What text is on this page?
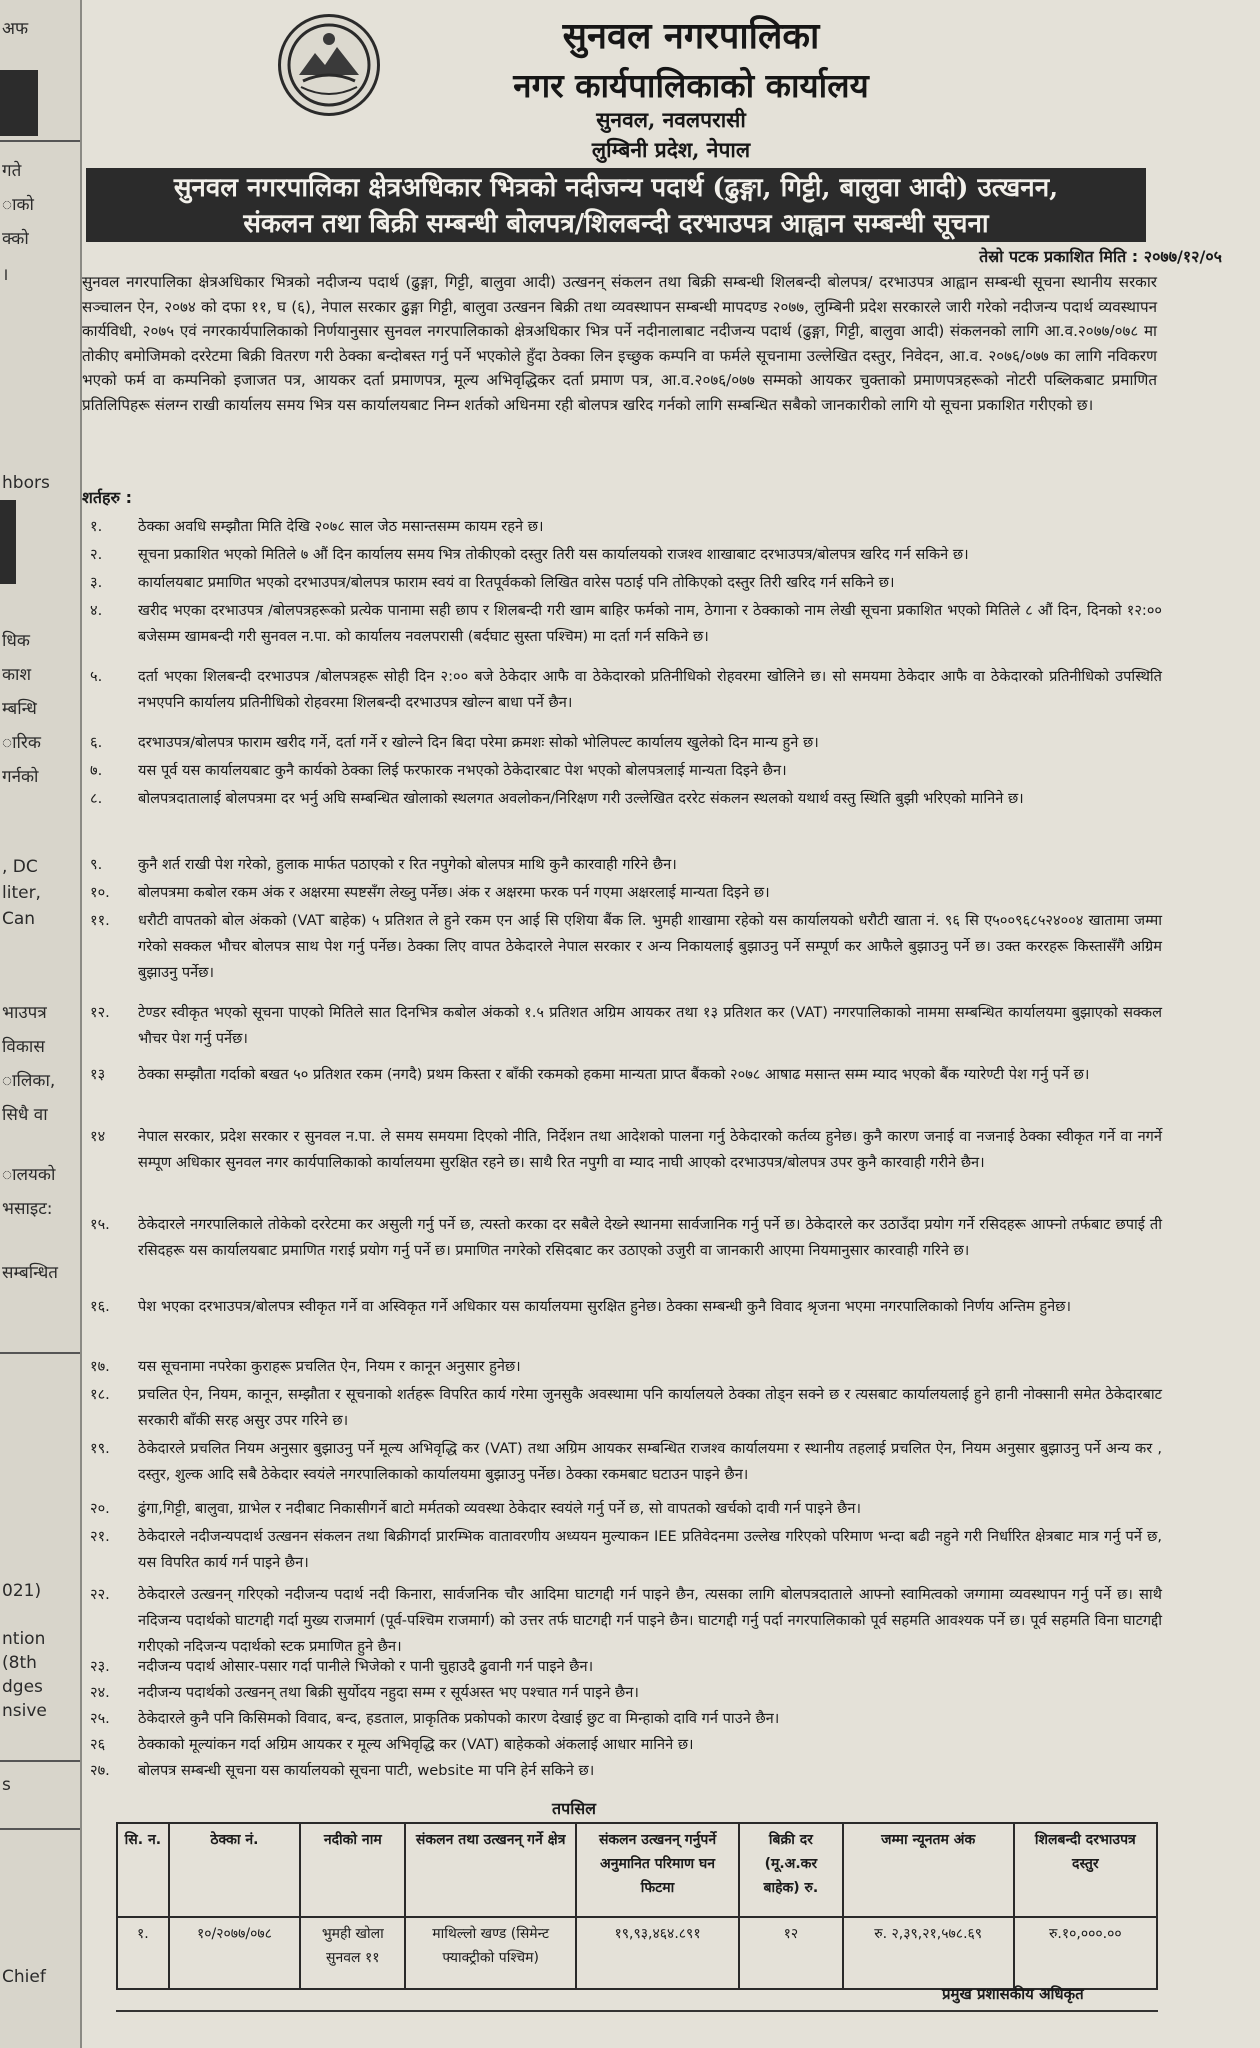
अफ
गते
ाको
क्को
।
hbors
धिक
काश
म्बन्धि
ारिक
गर्नको
, DC
liter,
Can
भाउपत्र
विकास
ालिका,
सिधै वा
ालयको
भसाइट:
सम्बन्धित
021)
ntion
(8th
dges
nsive
s
Chief
सुनवल नगरपालिका
नगर कार्यपालिकाको कार्यालय
सुनवल, नवलपरासी
लुम्बिनी प्रदेश, नेपाल
सुनवल नगरपालिका क्षेत्रअधिकार भित्रको नदीजन्य पदार्थ (ढुङ्गा, गिट्टी, बालुवा आदी) उत्खनन,
संकलन तथा बिक्री सम्बन्धी बोलपत्र/शिलबन्दी दरभाउपत्र आह्वान सम्बन्धी सूचना
तेस्रो पटक प्रकाशित मिति : २०७७/१२/०५
सुनवल नगरपालिका क्षेत्रअधिकार भित्रको नदीजन्य पदार्थ (ढुङ्गा, गिट्टी, बालुवा आदी) उत्खनन् संकलन तथा बिक्री सम्बन्धी शिलबन्दी बोलपत्र/ दरभाउपत्र आह्वान सम्बन्धी सूचना स्थानीय सरकार सञ्चालन ऐन, २०७४ को दफा ११, घ (६), नेपाल सरकार ढुङ्गा गिट्टी, बालुवा उत्खनन बिक्री तथा व्यवस्थापन सम्बन्धी मापदण्ड २०७७, लुम्बिनी प्रदेश सरकारले जारी गरेको नदीजन्य पदार्थ व्यवस्थापन कार्यविधी, २०७५ एवं नगरकार्यपालिकाको निर्णयानुसार सुनवल नगरपालिकाको क्षेत्रअधिकार भित्र पर्ने नदीनालाबाट नदीजन्य पदार्थ (ढुङ्गा, गिट्टी, बालुवा आदी) संकलनको लागि आ.व.२०७७/०७८ मा तोकीए बमोजिमको दररेटमा बिक्री वितरण गरी ठेक्का बन्दोबस्त गर्नु पर्ने भएकोले हुँदा ठेक्का लिन इच्छुक कम्पनि वा फर्मले सूचनामा उल्लेखित दस्तुर, निवेदन, आ.व. २०७६/०७७ का लागि नविकरण भएको फर्म वा कम्पनिको इजाजत पत्र, आयकर दर्ता प्रमाणपत्र, मूल्य अभिवृद्धिकर दर्ता प्रमाण पत्र, आ.व.२०७६/०७७ सम्मको आयकर चुक्ताको प्रमाणपत्रहरूको नोटरी पब्लिकबाट प्रमाणित प्रतिलिपिहरू संलग्न राखी कार्यालय समय भित्र यस कार्यालयबाट निम्न शर्तको अधिनमा रही बोलपत्र खरिद गर्नको लागि सम्बन्धित सबैको जानकारीको लागि यो सूचना प्रकाशित गरीएको छ।
शर्तहरु :
१.	ठेक्का अवधि सम्झौता मिति देखि २०७८ साल जेठ मसान्तसम्म कायम रहने छ।
२.	सूचना प्रकाशित भएको मितिले ७ औं दिन कार्यालय समय भित्र तोकीएको दस्तुर तिरी यस कार्यालयको राजश्व शाखाबाट दरभाउपत्र/बोलपत्र खरिद गर्न सकिने छ।
३.	कार्यालयबाट प्रमाणित भएको दरभाउपत्र/बोलपत्र फाराम स्वयं वा रितपूर्वकको लिखित वारेस पठाई पनि तोकिएको दस्तुर तिरी खरिद गर्न सकिने छ।
४.	खरीद भएका दरभाउपत्र /बोलपत्रहरूको प्रत्येक पानामा सही छाप र शिलबन्दी गरी खाम बाहिर फर्मको नाम, ठेगाना र ठेक्काको नाम लेखी सूचना प्रकाशित भएको मितिले ८ औं दिन, दिनको १२:०० बजेसम्म खामबन्दी गरी सुनवल न.पा. को कार्यालय नवलपरासी (बर्दघाट सुस्ता पश्चिम) मा दर्ता गर्न सकिने छ।
५.	दर्ता भएका शिलबन्दी दरभाउपत्र /बोलपत्रहरू सोही दिन २:०० बजे ठेकेदार आफै वा ठेकेदारको प्रतिनीधिको रोहवरमा खोलिने छ। सो समयमा ठेकेदार आफै वा ठेकेदारको प्रतिनीधिको उपस्थिति नभएपनि कार्यालय प्रतिनीधिको रोहवरमा शिलबन्दी दरभाउपत्र खोल्न बाधा पर्ने छैन।
६.	दरभाउपत्र/बोलपत्र फाराम खरीद गर्ने, दर्ता गर्ने र खोल्ने दिन बिदा परेमा क्रमशः सोको भोलिपल्ट कार्यालय खुलेको दिन मान्य हुने छ।
७.	यस पूर्व यस कार्यालयबाट कुनै कार्यको ठेक्का लिई फरफारक नभएको ठेकेदारबाट पेश भएको बोलपत्रलाई मान्यता दिइने छैन।
८.	बोलपत्रदातालाई बोलपत्रमा दर भर्नु अघि सम्बन्धित खोलाको स्थलगत अवलोकन/निरिक्षण गरी उल्लेखित दररेट संकलन स्थलको यथार्थ वस्तु स्थिति बुझी भरिएको मानिने छ।
९.	कुनै शर्त राखी पेश गरेको, हुलाक मार्फत पठाएको र रित नपुगेको बोलपत्र माथि कुनै कारवाही गरिने छैन।
१०.	बोलपत्रमा कबोल रकम अंक र अक्षरमा स्पष्टसँग लेख्नु पर्नेछ। अंक र अक्षरमा फरक पर्न गएमा अक्षरलाई मान्यता दिइने छ।
११.	धरौटी वापतको बोल अंकको (VAT बाहेक) ५ प्रतिशत ले हुने रकम एन आई सि एशिया बैंक लि. भुमही शाखामा रहेको यस कार्यालयको धरौटी खाता नं. ९६ सि ए५००९६८५२४००४ खातामा जम्मा गरेको सक्कल भौचर बोलपत्र साथ पेश गर्नु पर्नेछ। ठेक्का लिए वापत ठेकेदारले नेपाल सरकार र अन्य निकायलाई बुझाउनु पर्ने सम्पूर्ण कर आफैले बुझाउनु पर्ने छ। उक्त कररहरू किस्तासँगै अग्रिम बुझाउनु पर्नेछ।
१२.	टेण्डर स्वीकृत भएको सूचना पाएको मितिले सात दिनभित्र कबोल अंकको १.५ प्रतिशत अग्रिम आयकर तथा १३ प्रतिशत कर (VAT) नगरपालिकाको नाममा सम्बन्धित कार्यालयमा बुझाएको सक्कल भौचर पेश गर्नु पर्नेछ।
१३	ठेक्का सम्झौता गर्दाको बखत ५० प्रतिशत रकम (नगदै) प्रथम किस्ता र बाँकी रकमको हकमा मान्यता प्राप्त बैंकको २०७८ आषाढ मसान्त सम्म म्याद भएको बैंक ग्यारेण्टी पेश गर्नु पर्ने छ।
१४	नेपाल सरकार, प्रदेश सरकार र सुनवल न.पा. ले समय समयमा दिएको नीति, निर्देशन तथा आदेशको पालना गर्नु ठेकेदारको कर्तव्य हुनेछ। कुनै कारण जनाई वा नजनाई ठेक्का स्वीकृत गर्ने वा नगर्ने सम्पूण अधिकार सुनवल नगर कार्यपालिकाको कार्यालयमा सुरक्षित रहने छ। साथै रित नपुगी वा म्याद नाघी आएको दरभाउपत्र/बोलपत्र उपर कुनै कारवाही गरीने छैन।
१५.	ठेकेदारले नगरपालिकाले तोकेको दररेटमा कर असुली गर्नु पर्ने छ, त्यस्तो करका दर सबैले देख्ने स्थानमा सार्वजानिक गर्नु पर्ने छ। ठेकेदारले कर उठाउँदा प्रयोग गर्ने रसिदहरू आफ्नो तर्फबाट छपाई ती रसिदहरू यस कार्यालयबाट प्रमाणित गराई प्रयोग गर्नु पर्ने छ। प्रमाणित नगरेको रसिदबाट कर उठाएको उजुरी वा जानकारी आएमा नियमानुसार कारवाही गरिने छ।
१६.	पेश भएका दरभाउपत्र/बोलपत्र स्वीकृत गर्ने वा अस्विकृत गर्ने अधिकार यस कार्यालयमा सुरक्षित हुनेछ। ठेक्का सम्बन्धी कुनै विवाद श्रृजना भएमा नगरपालिकाको निर्णय अन्तिम हुनेछ।
१७.	यस सूचनामा नपरेका कुराहरू प्रचलित ऐन, नियम र कानून अनुसार हुनेछ।
१८.	प्रचलित ऐन, नियम, कानून, सम्झौता र सूचनाको शर्तहरू विपरित कार्य गरेमा जुनसुकै अवस्थामा पनि कार्यालयले ठेक्का तोड्न सक्ने छ र त्यसबाट कार्यालयलाई हुने हानी नोक्सानी समेत ठेकेदारबाट सरकारी बाँकी सरह असुर उपर गरिने छ।
१९.	ठेकेदारले प्रचलित नियम अनुसार बुझाउनु पर्ने मूल्य अभिवृद्धि कर (VAT) तथा अग्रिम आयकर सम्बन्धित राजश्व कार्यालयमा र स्थानीय तहलाई प्रचलित ऐन, नियम अनुसार बुझाउनु पर्ने अन्य कर , दस्तुर, शुल्क आदि सबै ठेकेदार स्वयंले नगरपालिकाको कार्यालयमा बुझाउनु पर्नेछ। ठेक्का रकमबाट घटाउन पाइने छैन।
२०.	ढुंगा,गिट्टी, बालुवा, ग्राभेल र नदीबाट निकासीगर्ने बाटो मर्मतको व्यवस्था ठेकेदार स्वयंले गर्नु पर्ने छ, सो वापतको खर्चको दावी गर्न पाइने छैन।
२१.	ठेकेदारले नदीजन्यपदार्थ उत्खनन संकलन तथा बिक्रीगर्दा प्रारम्भिक वातावरणीय अध्ययन मुल्याकन IEE प्रतिवेदनमा उल्लेख गरिएको परिमाण भन्दा बढी नहुने गरी निर्धारित क्षेत्रबाट मात्र गर्नु पर्ने छ, यस विपरित कार्य गर्न पाइने छैन।
२२.	ठेकेदारले उत्खनन् गरिएको नदीजन्य पदार्थ नदी किनारा, सार्वजनिक चौर आदिमा घाटगद्दी गर्न पाइने छैन, त्यसका लागि बोलपत्रदाताले आफ्नो स्वामित्वको जग्गामा व्यवस्थापन गर्नु पर्ने छ। साथै नदिजन्य पदार्थको घाटगद्दी गर्दा मुख्य राजमार्ग (पूर्व-पश्चिम राजमार्ग) को उत्तर तर्फ घाटगद्दी गर्न पाइने छैन। घाटगद्दी गर्नु पर्दा नगरपालिकाको पूर्व सहमति आवश्यक पर्ने छ। पूर्व सहमति विना घाटगद्दी गरीएको नदिजन्य पदार्थको स्टक प्रमाणित हुने छैन।
२३.	नदीजन्य पदार्थ ओसार-पसार गर्दा पानीले भिजेको र पानी चुहाउदै ढुवानी गर्न पाइने छैन।
२४.	नदीजन्य पदार्थको उत्खनन् तथा बिक्री सुर्योदय नहुदा सम्म र सूर्यअस्त भए पश्चात गर्न पाइने छैन।
२५.	ठेकेदारले कुनै पनि किसिमको विवाद, बन्द, हडताल, प्राकृतिक प्रकोपको कारण देखाई छुट वा मिन्हाको दावि गर्न पाउने छैन।
२६	ठेक्काको मूल्यांकन गर्दा अग्रिम आयकर र मूल्य अभिवृद्धि कर (VAT) बाहेकको अंकलाई आधार मानिने छ।
२७.	बोलपत्र सम्बन्धी सूचना यस कार्यालयको सूचना पाटी, website मा पनि हेर्न सकिने छ।
तपसिल
सि. न.	ठेक्का नं.	नदीको नाम	संकलन तथा उत्खनन् गर्ने क्षेत्र	संकलन उत्खनन् गर्नुपर्ने अनुमानित परिमाण घन फिटमा	बिक्री दर (मू.अ.कर बाहेक) रु.	जम्मा न्यूनतम अंक	शिलबन्दी दरभाउपत्र दस्तुर
१.	१०/२०७७/०७८	भुमही खोला सुनवल ११	माथिल्लो खण्ड (सिमेन्ट फ्याक्ट्रीको पश्चिम)	१९,९३,४६४.८९१	१२	रु. २,३९,२१,५७८.६९	रु.१०,०००.००
प्रमुख प्रशासकीय अधिकृत
